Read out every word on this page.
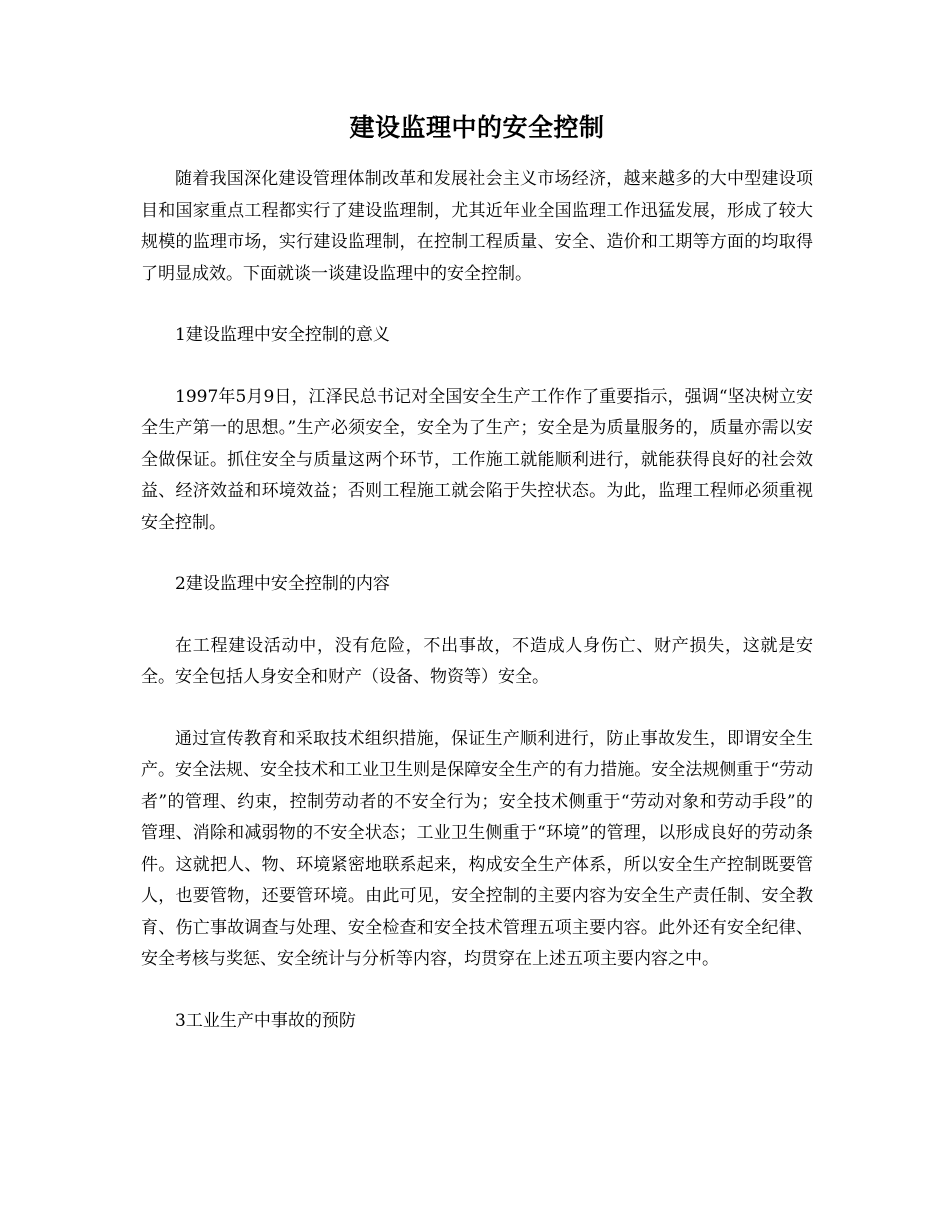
建设监理中的安全控制

随着我国深化建设管理体制改革和发展社会主义市场经济，越来越多的大中型建设项目和国家重点工程都实行了建设监理制，尤其近年业全国监理工作迅猛发展，形成了较大规模的监理市场，实行建设监理制，在控制工程质量、安全、造价和工期等方面的均取得了明显成效。下面就谈一谈建设监理中的安全控制。

1建设监理中安全控制的意义

1997年5月9日，江泽民总书记对全国安全生产工作作了重要指示，强调“坚决树立安全生产第一的思想。”生产必须安全，安全为了生产；安全是为质量服务的，质量亦需以安全做保证。抓住安全与质量这两个环节，工作施工就能顺利进行，就能获得良好的社会效益、经济效益和环境效益；否则工程施工就会陷于失控状态。为此，监理工程师必须重视安全控制。

2建设监理中安全控制的内容

在工程建设活动中，没有危险，不出事故，不造成人身伤亡、财产损失，这就是安全。安全包括人身安全和财产（设备、物资等）安全。

通过宣传教育和采取技术组织措施，保证生产顺利进行，防止事故发生，即谓安全生产。安全法规、安全技术和工业卫生则是保障安全生产的有力措施。安全法规侧重于“劳动者”的管理、约束，控制劳动者的不安全行为；安全技术侧重于“劳动对象和劳动手段”的管理、消除和减弱物的不安全状态；工业卫生侧重于“环境”的管理，以形成良好的劳动条件。这就把人、物、环境紧密地联系起来，构成安全生产体系，所以安全生产控制既要管人，也要管物，还要管环境。由此可见，安全控制的主要内容为安全生产责任制、安全教育、伤亡事故调查与处理、安全检查和安全技术管理五项主要内容。此外还有安全纪律、安全考核与奖惩、安全统计与分析等内容，均贯穿在上述五项主要内容之中。

3工业生产中事故的预防
